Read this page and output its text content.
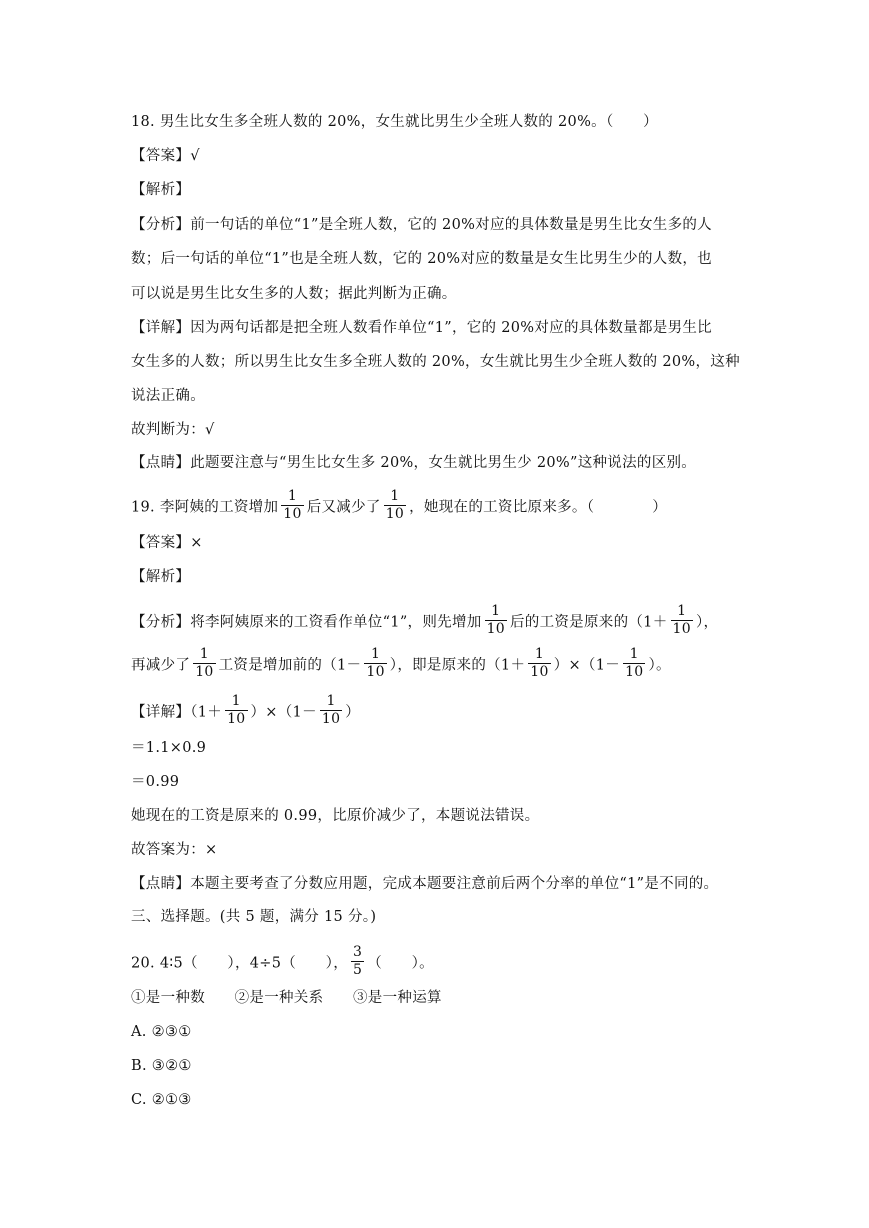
18. 男生比女生多全班人数的 20%，女生就比男生少全班人数的 20%。（　　）
【答案】√
【解析】
【分析】前一句话的单位“1”是全班人数，它的 20%对应的具体数量是男生比女生多的人
数；后一句话的单位“1”也是全班人数，它的 20%对应的数量是女生比男生少的人数，也
可以说是男生比女生多的人数；据此判断为正确。
【详解】因为两句话都是把全班人数看作单位“1”，它的 20%对应的具体数量都是男生比
女生多的人数；所以男生比女生多全班人数的 20%，女生就比男生少全班人数的 20%，这种
说法正确。
故判断为：√
【点睛】此题要注意与“男生比女生多 20%，女生就比男生少 20%”这种说法的区别。
19. 李阿姨的工资增加 $\frac{1}{10}$ 后又减少了 $\frac{1}{10}$ ，她现在的工资比原来多。（	）
【答案】×
【解析】
【分析】将李阿姨原来的工资看作单位“1”，则先增加 $\frac{1}{10}$ 后的工资是原来的（$1+ \frac{1}{10}$ ），
再减少了 $\frac{1}{10}$ 工资是增加前的（$1- \frac{1}{10}$ ），即是原来的$(1+ \frac{1}{10} )\times(1- \frac{1}{10}$ ）。
【详解】$(1+ \frac{1}{10} )\times(1- \frac{1}{10}$ ）
＝1.1×0.9
＝0.99
她现在的工资是原来的 0.99，比原价减少了，本题说法错误。
故答案为：×
【点睛】本题主要考查了分数应用题，完成本题要注意前后两个分率的单位“1”是不同的。
三、选择题。(共 5 题，满分 15 分。)
20. 4∶5（　　），4÷5（　　）， $\frac{3}{5}$ （　　）。
①是一种数　　②是一种关系　　③是一种运算
A. ②③①
B. ③②①
C. ②①③
